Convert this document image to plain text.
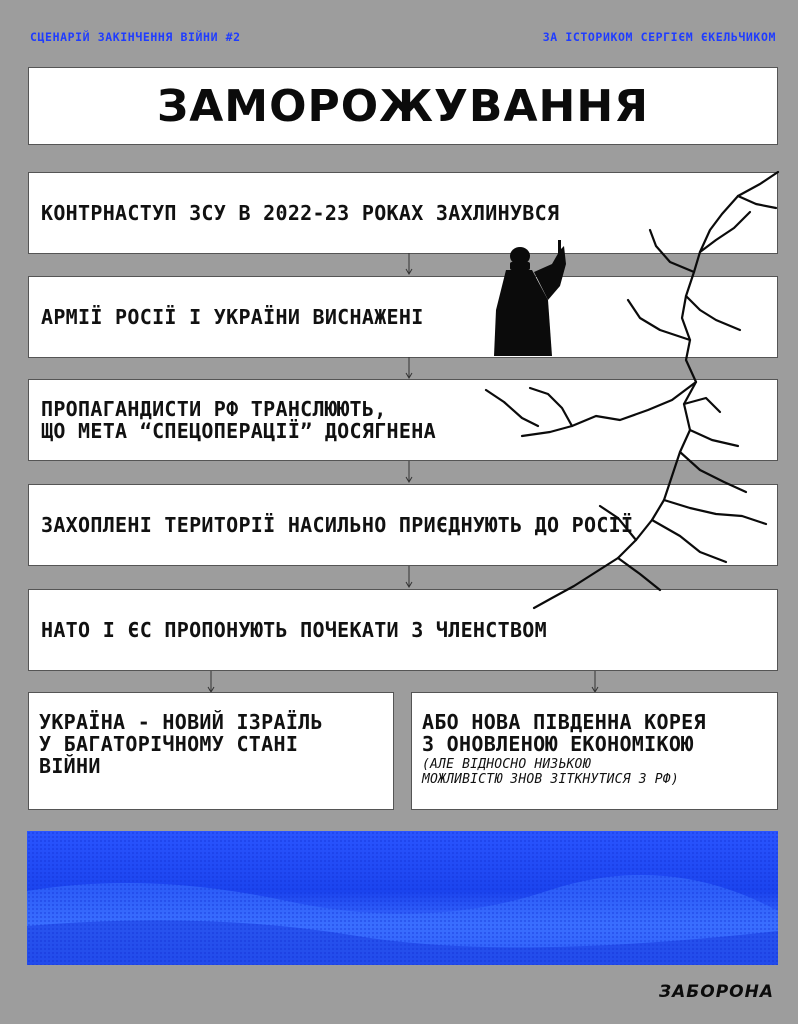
СЦЕНАРІЙ ЗАКІНЧЕННЯ ВІЙНИ #2	ЗА ІСТОРИКОМ СЕРГІЄМ ЄКЕЛЬЧИКОМ
ЗАМОРОЖУВАННЯ
КОНТРНАСТУП ЗСУ В 2022-23 РОКАХ ЗАХЛИНУВСЯ
АРМІЇ РОСІЇ І УКРАЇНИ ВИСНАЖЕНІ
ПРОПАГАНДИСТИ РФ ТРАНСЛЮЮТЬ,
ЩО МЕТА “СПЕЦОПЕРАЦІЇ” ДОСЯГНЕНА
ЗАХОПЛЕНІ ТЕРИТОРІЇ НАСИЛЬНО ПРИЄДНУЮТЬ ДО РОСІЇ
НАТО І ЄС ПРОПОНУЮТЬ ПОЧЕКАТИ З ЧЛЕНСТВОМ
УКРАЇНА - НОВИЙ ІЗРАЇЛЬ
У БАГАТОРІЧНОМУ СТАНІ
ВІЙНИ
АБО НОВА ПІВДЕННА КОРЕЯ
З ОНОВЛЕНОЮ ЕКОНОМІКОЮ
(АЛЕ ВІДНОСНО НИЗЬКОЮ
МОЖЛИВІСТЮ ЗНОВ ЗІТКНУТИСЯ З РФ)
ЗАБОРОНА
